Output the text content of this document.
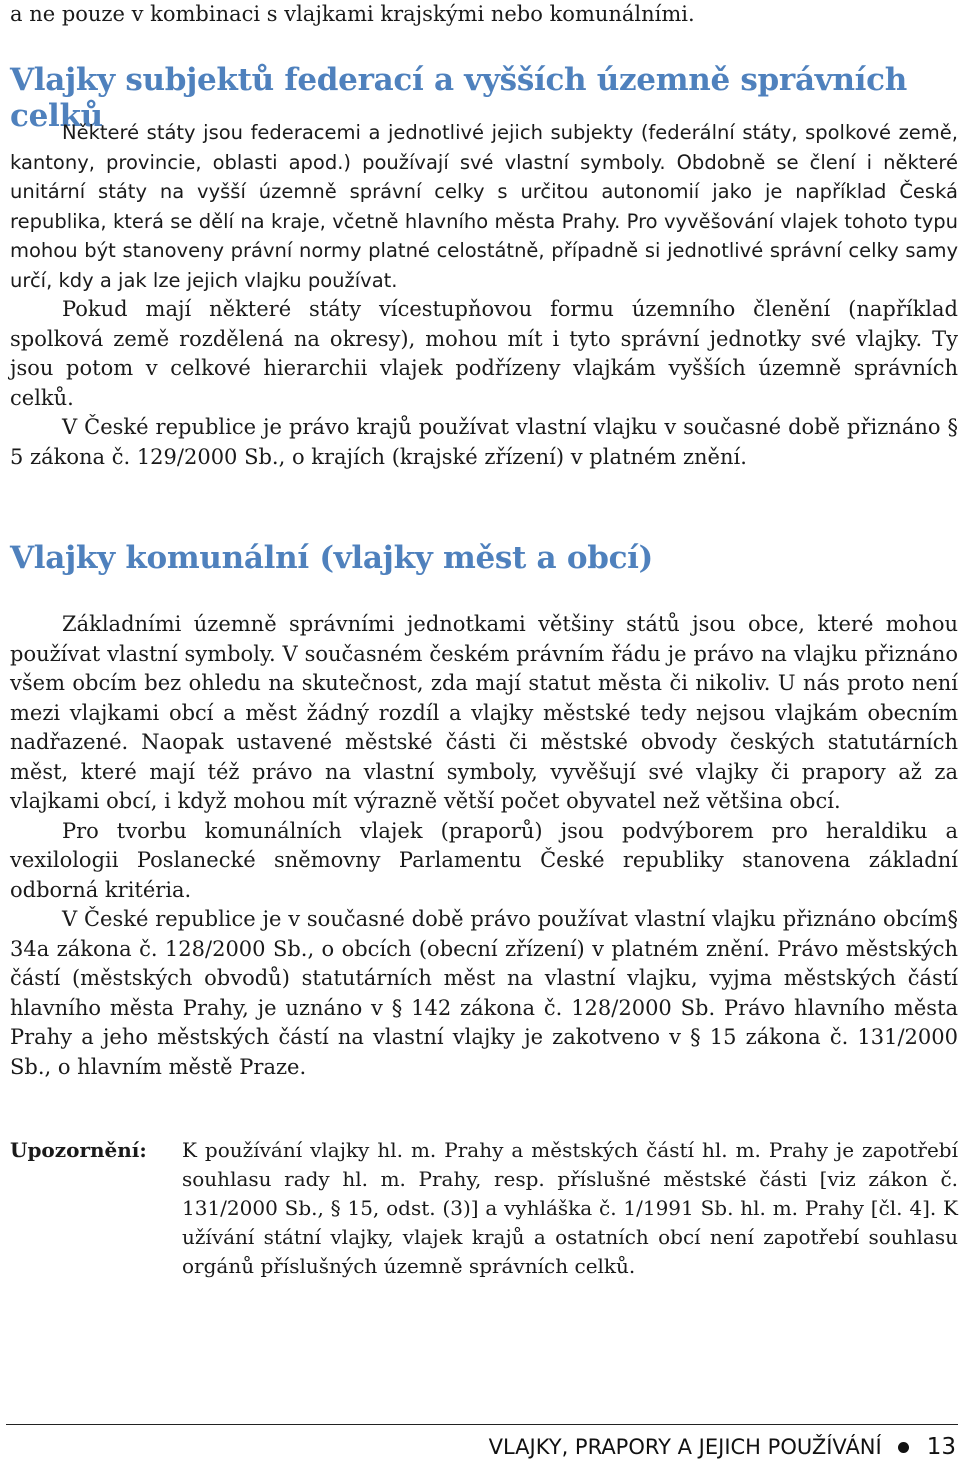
a ne pouze v kombinaci s vlajkami krajskými nebo komunálními.

Vlajky subjektů federací a vyšších územně správních celků

Některé státy jsou federacemi a jednotlivé jejich subjekty (federální státy, spolkové země, kantony, provincie, oblasti apod.) používají své vlastní symboly. Obdobně se člení i některé unitární státy na vyšší územně správní celky s určitou autonomií jako je například Česká republika, která se dělí na kraje, včetně hlavního města Prahy. Pro vyvěšování vlajek tohoto typu mohou být stanoveny právní normy platné celostátně, případně si jednotlivé správní celky samy určí, kdy a jak lze jejich vlajku používat.

Pokud mají některé státy vícestupňovou formu územního členění (například spolková země rozdělená na okresy), mohou mít i tyto správní jednotky své vlajky. Ty jsou potom v celkové hierarchii vlajek podřízeny vlajkám vyšších územně správních celků.

V České republice je právo krajů používat vlastní vlajku v současné době přiznáno § 5 zákona č. 129/2000 Sb., o krajích (krajské zřízení) v platném znění.

Vlajky komunální (vlajky měst a obcí)

Základními územně správními jednotkami většiny států jsou obce, které mohou používat vlastní symboly. V současném českém právním řádu je právo na vlajku přiznáno všem obcím bez ohledu na skutečnost, zda mají statut města či nikoliv. U nás proto není mezi vlajkami obcí a měst žádný rozdíl a vlajky městské tedy nejsou vlajkám obecním nadřazené. Naopak ustavené městské části či městské obvody českých statutárních měst, které mají též právo na vlastní symboly, vyvěšují své vlajky či prapory až za vlajkami obcí, i když mohou mít výrazně větší počet obyvatel než většina obcí.

Pro tvorbu komunálních vlajek (praporů) jsou podvýborem pro heraldiku a vexilologii Poslanecké sněmovny Parlamentu České republiky stanovena základní odborná kritéria.

V České republice je v současné době právo používat vlastní vlajku přiznáno obcím§ 34a zákona č. 128/2000 Sb., o obcích (obecní zřízení) v platném znění. Právo městských částí (městských obvodů) statutárních měst na vlastní vlajku, vyjma městských částí hlavního města Prahy, je uznáno v § 142 zákona č. 128/2000 Sb. Právo hlavního města Prahy a jeho městských částí na vlastní vlajky je zakotveno v § 15 zákona č. 131/2000 Sb., o hlavním městě Praze.

Upozornění:	K používání vlajky hl. m. Prahy a městských částí hl. m. Prahy je zapotřebí souhlasu rady hl. m. Prahy, resp. příslušné městské části [viz zákon č. 131/2000 Sb., § 15, odst. (3)] a vyhláška č. 1/1991 Sb. hl. m. Prahy [čl. 4]. K užívání státní vlajky, vlajek krajů a ostatních obcí není zapotřebí souhlasu orgánů příslušných územně správních celků.

VLAJKY, PRAPORY A JEJICH POUŽÍVÁNÍ 13
